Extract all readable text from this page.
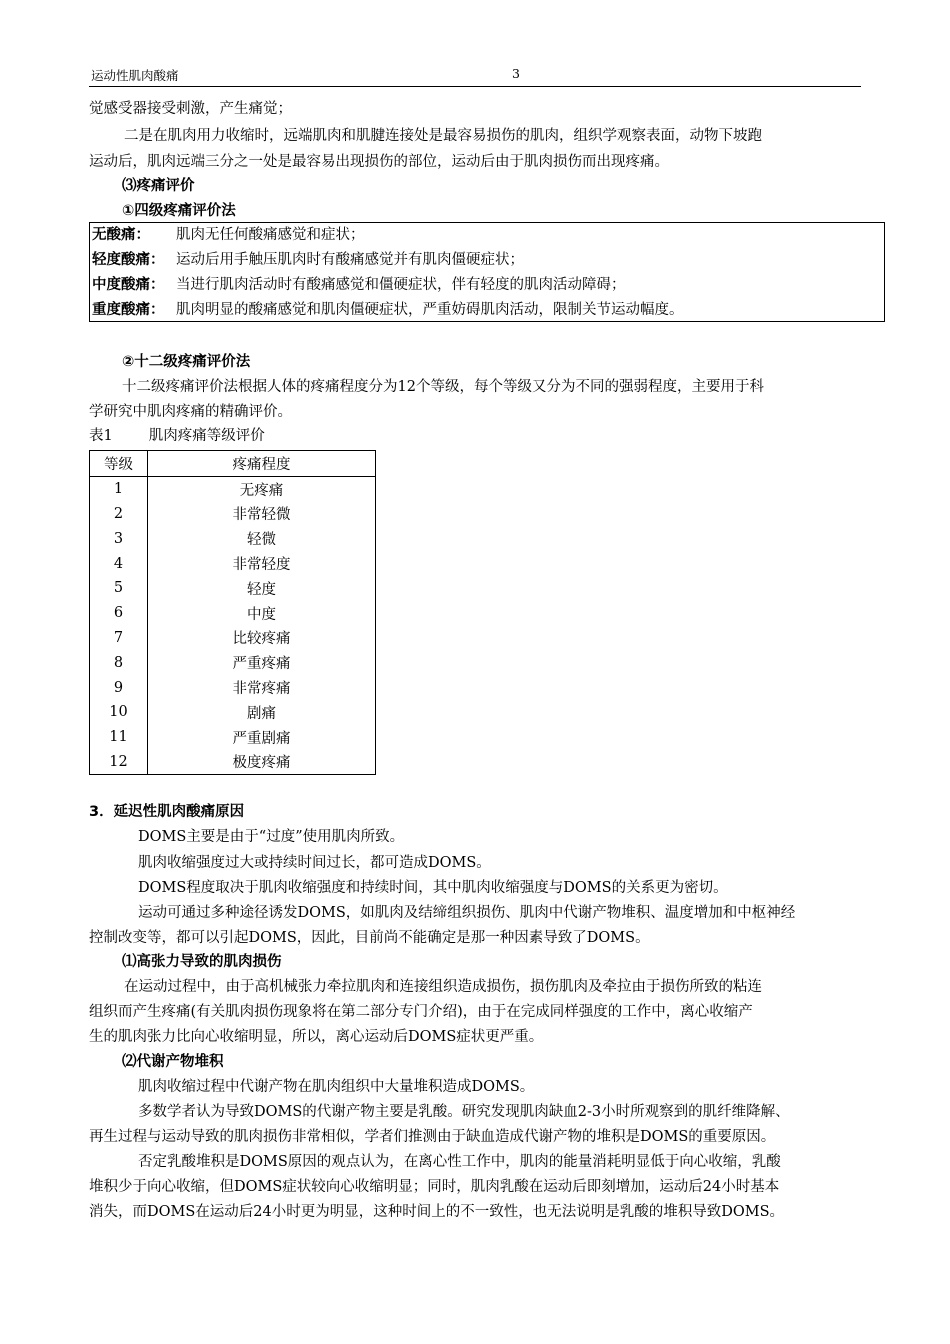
运动性肌肉酸痛	3
觉感受器接受刺激，产生痛觉；
二是在肌肉用力收缩时，远端肌肉和肌腱连接处是最容易损伤的肌肉，组织学观察表面，动物下坡跑
运动后，肌肉远端三分之一处是最容易出现损伤的部位，运动后由于肌肉损伤而出现疼痛。
⑶疼痛评价
①四级疼痛评价法
无酸痛： 肌肉无任何酸痛感觉和症状；
轻度酸痛： 运动后用手触压肌肉时有酸痛感觉并有肌肉僵硬症状；
中度酸痛： 当进行肌肉活动时有酸痛感觉和僵硬症状，伴有轻度的肌肉活动障碍；
重度酸痛： 肌肉明显的酸痛感觉和肌肉僵硬症状，严重妨碍肌肉活动，限制关节运动幅度。
②十二级疼痛评价法
十二级疼痛评价法根据人体的疼痛程度分为12个等级，每个等级又分为不同的强弱程度，主要用于科
学研究中肌肉疼痛的精确评价。
表1 肌肉疼痛等级评价
等级	疼痛程度
1	无疼痛
2	非常轻微
3	轻微
4	非常轻度
5	轻度
6	中度
7	比较疼痛
8	严重疼痛
9	非常疼痛
10	剧痛
11	严重剧痛
12	极度疼痛
3．延迟性肌肉酸痛原因
DOMS主要是由于“过度”使用肌肉所致。
肌肉收缩强度过大或持续时间过长，都可造成DOMS。
DOMS程度取决于肌肉收缩强度和持续时间，其中肌肉收缩强度与DOMS的关系更为密切。
运动可通过多种途径诱发DOMS，如肌肉及结缔组织损伤、肌肉中代谢产物堆积、温度增加和中枢神经
控制改变等，都可以引起DOMS，因此，目前尚不能确定是那一种因素导致了DOMS。
⑴高张力导致的肌肉损伤
在运动过程中，由于高机械张力牵拉肌肉和连接组织造成损伤，损伤肌肉及牵拉由于损伤所致的粘连
组织而产生疼痛(有关肌肉损伤现象将在第二部分专门介绍)，由于在完成同样强度的工作中，离心收缩产
生的肌肉张力比向心收缩明显，所以，离心运动后DOMS症状更严重。
⑵代谢产物堆积
肌肉收缩过程中代谢产物在肌肉组织中大量堆积造成DOMS。
多数学者认为导致DOMS的代谢产物主要是乳酸。研究发现肌肉缺血2-3小时所观察到的肌纤维降解、
再生过程与运动导致的肌肉损伤非常相似，学者们推测由于缺血造成代谢产物的堆积是DOMS的重要原因。
否定乳酸堆积是DOMS原因的观点认为，在离心性工作中，肌肉的能量消耗明显低于向心收缩，乳酸
堆积少于向心收缩，但DOMS症状较向心收缩明显；同时，肌肉乳酸在运动后即刻增加，运动后24小时基本
消失，而DOMS在运动后24小时更为明显，这种时间上的不一致性，也无法说明是乳酸的堆积导致DOMS。
